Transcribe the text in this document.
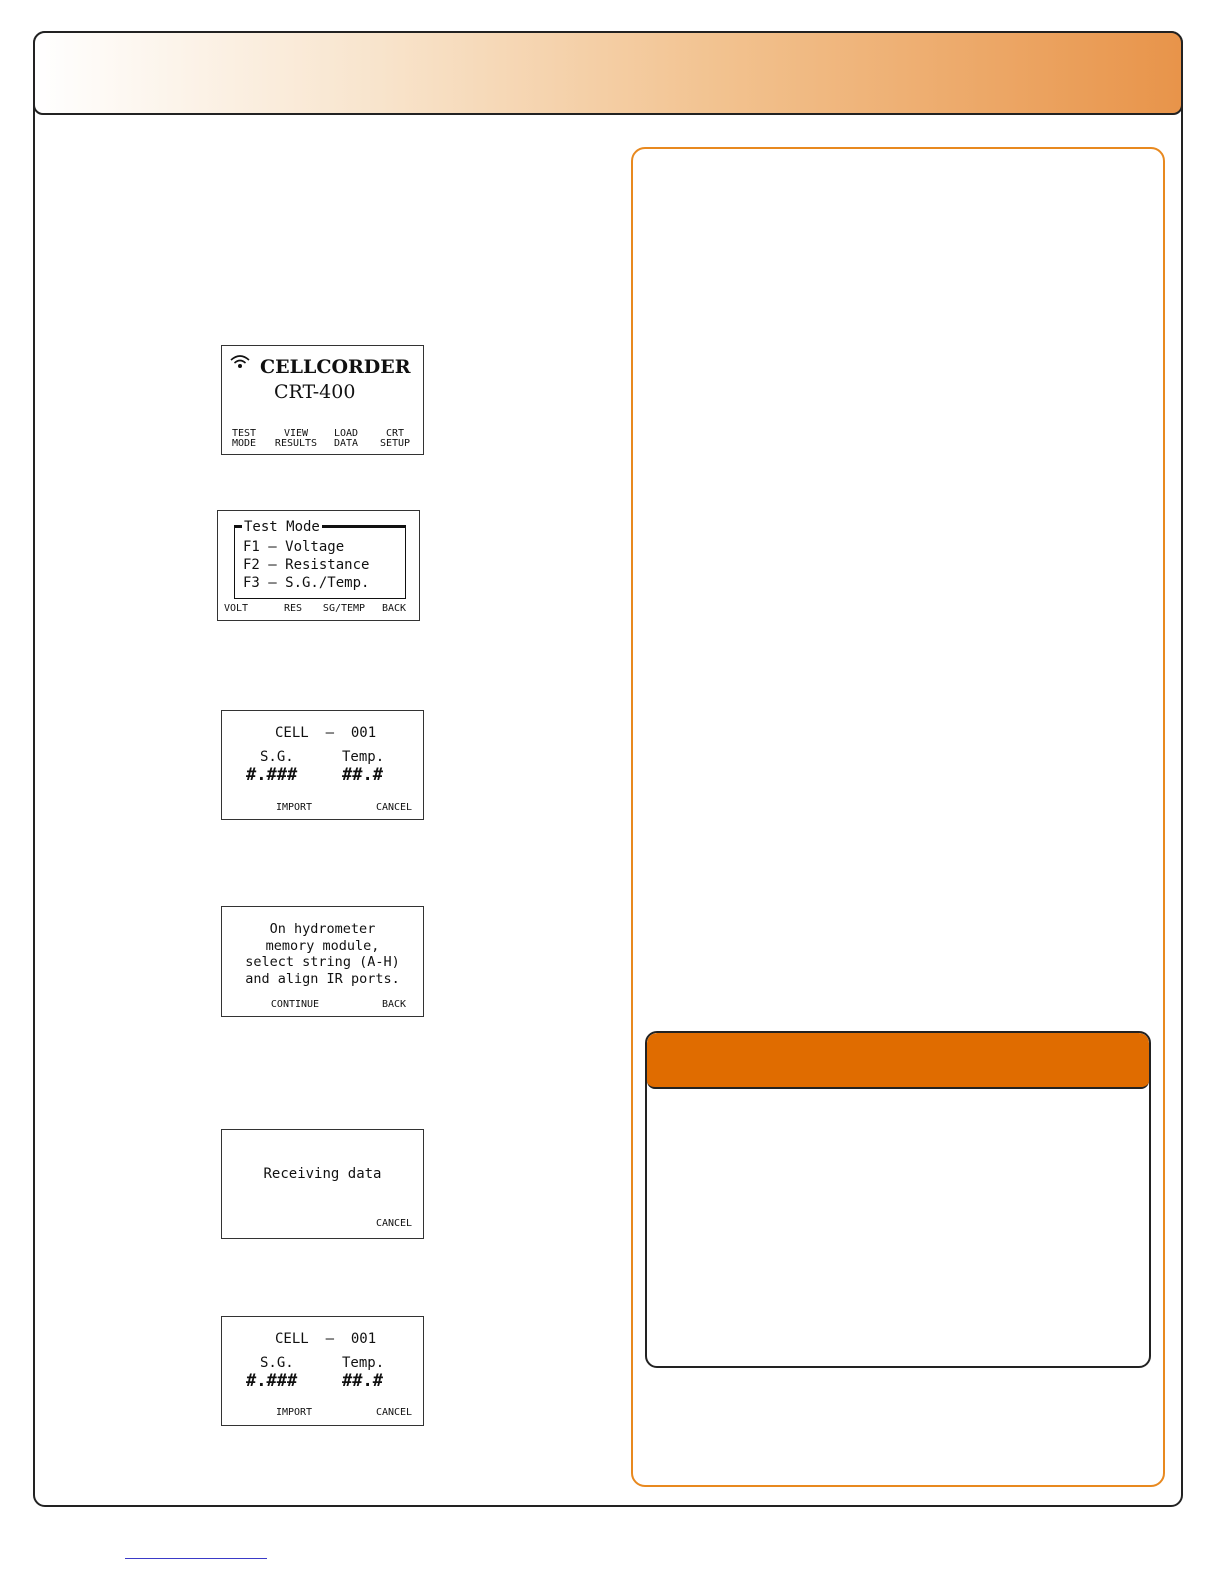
CELLCORDER
CRT-400
TEST
MODE
VIEW
RESULTS
LOAD
DATA
CRT
SETUP
Test Mode
F1 – Voltage
F2 – Resistance
F3 – S.G./Temp.
VOLT	RES	SG/TEMP	BACK
CELL  –  001
S.G.	Temp.
#.###	##.#
IMPORT	CANCEL
On hydrometer
memory module,
select string (A-H)
and align IR ports.
CONTINUE	BACK
Receiving data
CANCEL
CELL  –  001
S.G.	Temp.
#.###	##.#
IMPORT	CANCEL
